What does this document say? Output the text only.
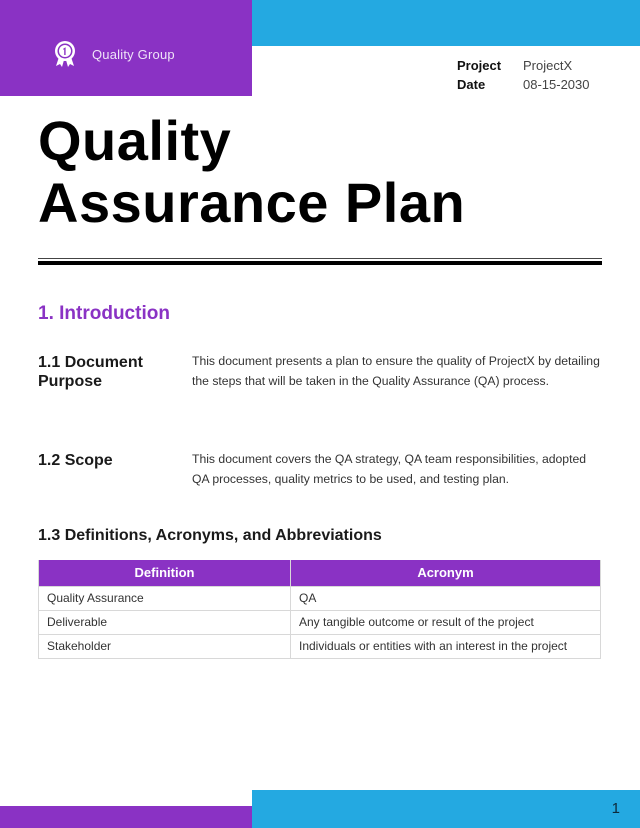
Quality Group
Project	ProjectX
Date	08-15-2030
Quality
Assurance Plan
1. Introduction
1.1 Document
Purpose

This document presents a plan to ensure the quality of ProjectX by detailing the steps that will be taken in the Quality Assurance (QA) process.

1.2 Scope	This document covers the QA strategy, QA team responsibilities, adopted QA processes, quality metrics to be used, and testing plan.

1.3 Definitions, Acronyms, and Abbreviations
Definition	Acronym
Quality Assurance	QA
Deliverable	Any tangible outcome or result of the project
Stakeholder	Individuals or entities with an interest in the project
1
